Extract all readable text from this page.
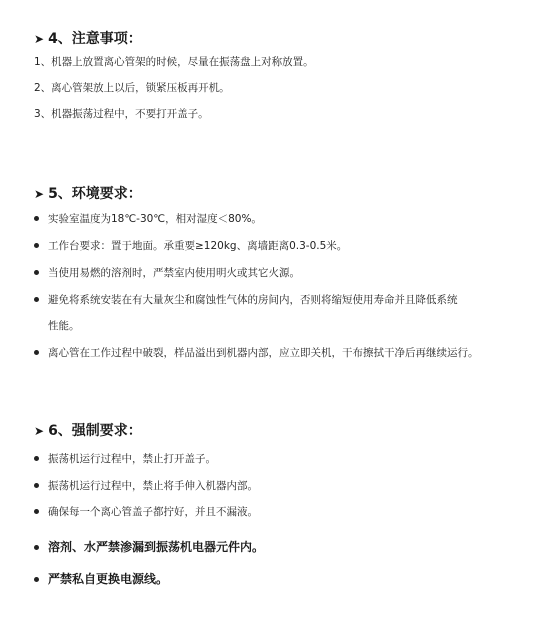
➤ 4、注意事项：
1、机器上放置离心管架的时候，尽量在振荡盘上对称放置。
2、离心管架放上以后，锁紧压板再开机。
3、机器振荡过程中，不要打开盖子。
➤ 5、环境要求：
实验室温度为18℃-30℃，相对湿度＜80%。
工作台要求：置于地面。承重要≥120kg、离墙距离0.3-0.5米。
当使用易燃的溶剂时，严禁室内使用明火或其它火源。
避免将系统安装在有大量灰尘和腐蚀性气体的房间内，否则将缩短使用寿命并且降低系统
性能。
离心管在工作过程中破裂，样品溢出到机器内部，应立即关机，干布擦拭干净后再继续运行。
➤ 6、强制要求：
振荡机运行过程中，禁止打开盖子。
振荡机运行过程中，禁止将手伸入机器内部。
确保每一个离心管盖子都拧好，并且不漏液。
溶剂、水严禁渗漏到振荡机电器元件内。
严禁私自更换电源线。
